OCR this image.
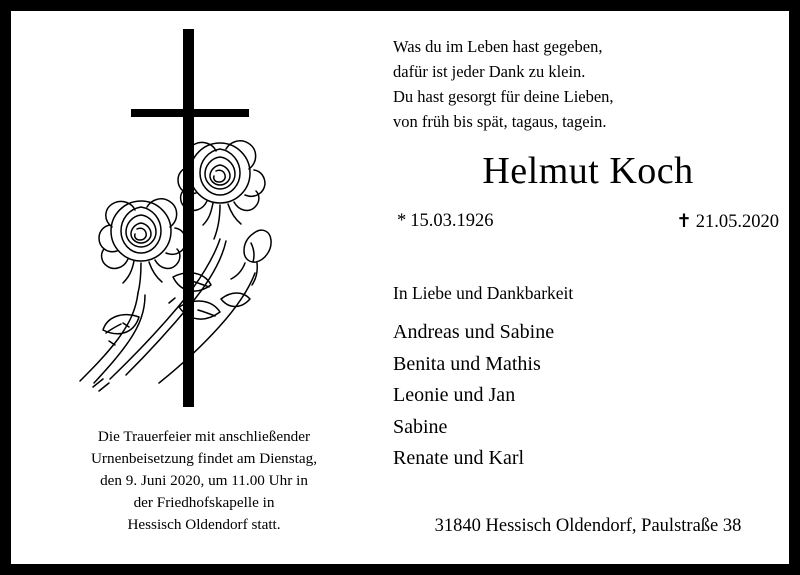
Die Trauerfeier mit anschließender
Urnenbeisetzung findet am Dienstag,
den 9. Juni 2020, um 11.00 Uhr in
der Friedhofskapelle in
Hessisch Oldendorf statt.
Was du im Leben hast gegeben,
dafür ist jeder Dank zu klein.
Du hast gesorgt für deine Lieben,
von früh bis spät, tagaus, tagein.
Helmut Koch
* 15.03.1926	✝ 21.05.2020
In Liebe und Dankbarkeit
Andreas und Sabine
Benita und Mathis
Leonie und Jan
Sabine
Renate und Karl
31840 Hessisch Oldendorf, Paulstraße 38
